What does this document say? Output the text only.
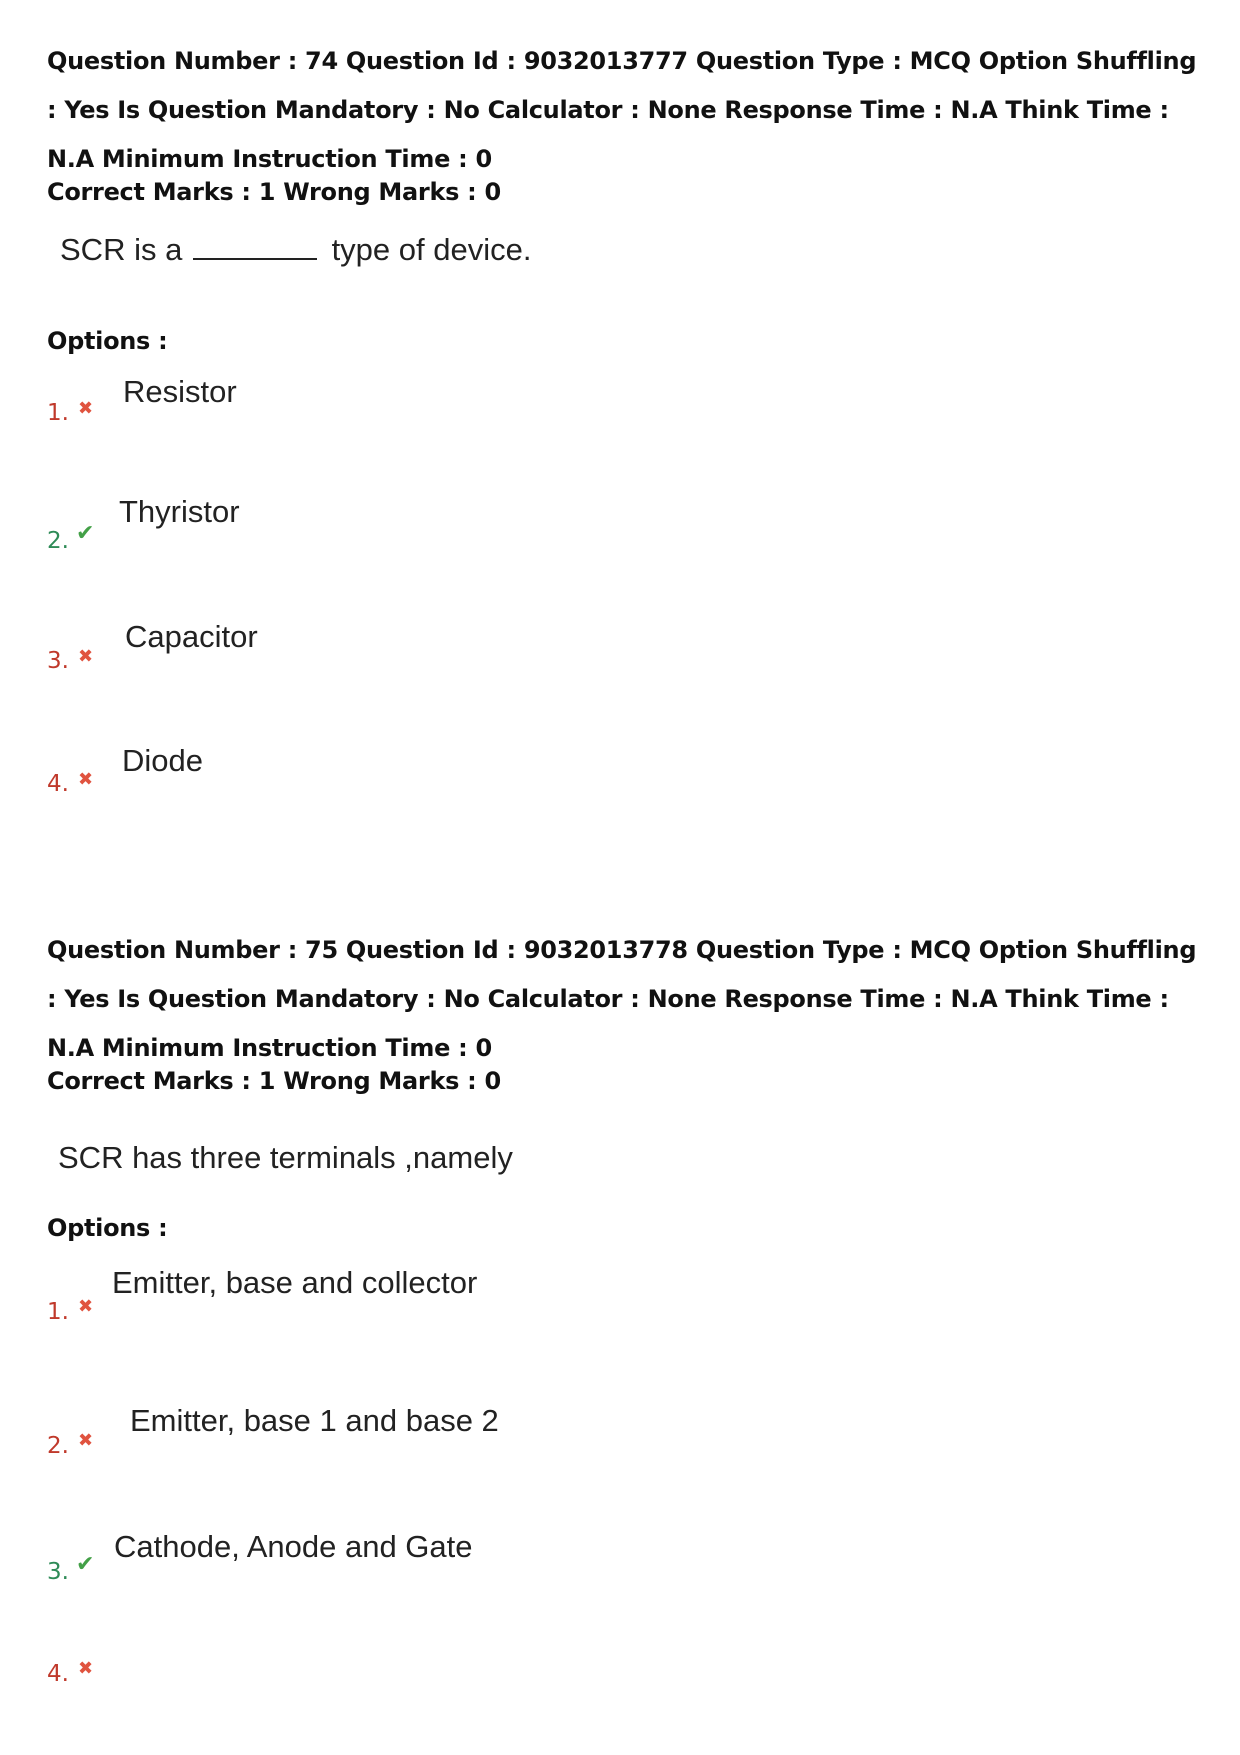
Question Number : 74 Question Id : 9032013777 Question Type : MCQ Option Shuffling : Yes Is Question Mandatory : No Calculator : None Response Time : N.A Think Time : N.A Minimum Instruction Time : 0

Correct Marks : 1 Wrong Marks : 0

SCR is a	type of device.
Options :
1. ✖ Resistor
2. ✔
Thyristor
3. ✖
Capacitor
4. ✖
Diode

Question Number : 75 Question Id : 9032013778 Question Type : MCQ Option Shuffling : Yes Is Question Mandatory : No Calculator : None Response Time : N.A Think Time : N.A Minimum Instruction Time : 0

Correct Marks : 1 Wrong Marks : 0

SCR has three terminals ,namely
Options :
1. ✖
Emitter, base and collector
2. ✖
Emitter, base 1 and base 2
3. ✔
Cathode, Anode and Gate
4. ✖
